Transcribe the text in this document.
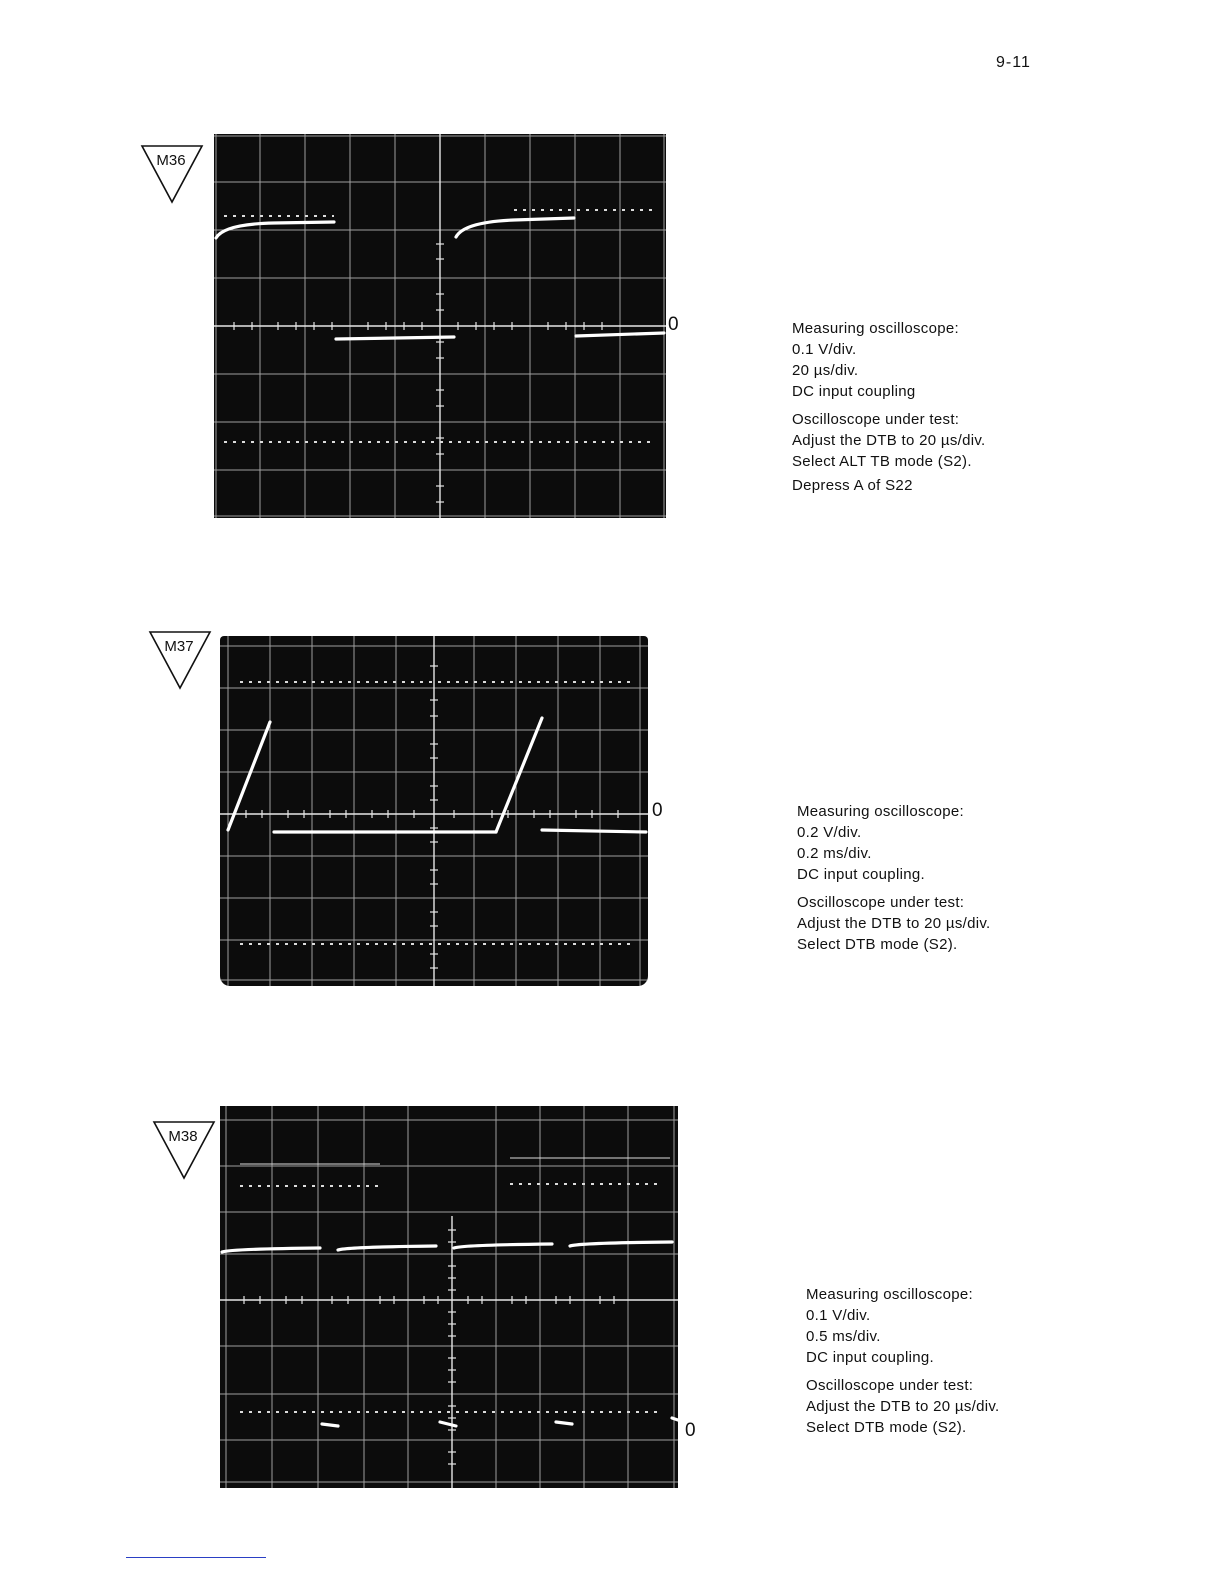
9-11
M36
0	Measuring oscilloscope:
0.1 V/div.
20 µs/div.
DC input coupling
Oscilloscope under test:
Adjust the DTB to 20 µs/div.
Select ALT TB mode (S2).
Depress A of S22
M37
0	Measuring oscilloscope:
0.2 V/div.
0.2 ms/div.
DC input coupling.
Oscilloscope under test:
Adjust the DTB to 20 µs/div.
Select DTB mode (S2).
M38
0
Measuring oscilloscope:
0.1 V/div.
0.5 ms/div.
DC input coupling.
Oscilloscope under test:
Adjust the DTB to 20 µs/div.
Select DTB mode (S2).
